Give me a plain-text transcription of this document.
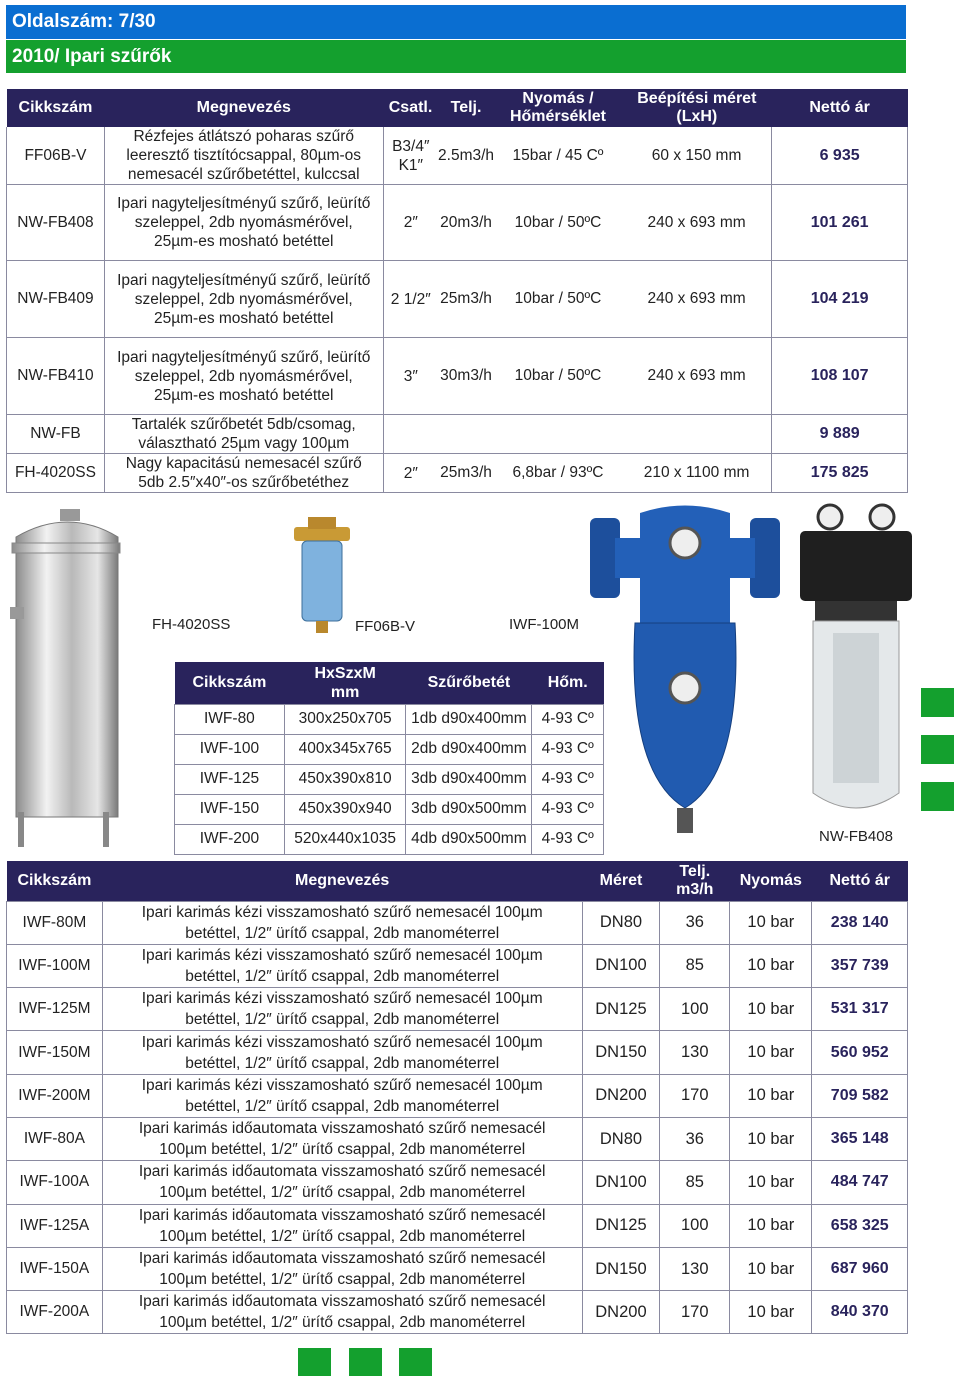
Oldalszám: 7/30
2010/ Ipari szűrők
Cikkszám	Megnevezés	Csatl.	Telj.	Nyomás / Hőmérséklet	Beépítési méret (LxH)	Nettó ár
FF06B-V	Rézfejes átlátszó poharas szűrő leeresztő tisztítócsappal, 80µm-os nemesacél szűrőbetéttel, kulccsal	B3/4″ K1″	2.5m3/h	15bar / 45 Cº	60 x 150 mm	6 935
NW-FB408	Ipari nagyteljesítményű szűrő, leürítő szeleppel, 2db nyomásmérővel, 25µm-es mosható betéttel	2″	20m3/h	10bar / 50ºC	240 x 693 mm	101 261
NW-FB409	Ipari nagyteljesítményű szűrő, leürítő szeleppel, 2db nyomásmérővel, 25µm-es mosható betéttel	2 1/2″	25m3/h	10bar / 50ºC	240 x 693 mm	104 219
NW-FB410	Ipari nagyteljesítményű szűrő, leürítő szeleppel, 2db nyomásmérővel, 25µm-es mosható betéttel	3″	30m3/h	10bar / 50ºC	240 x 693 mm	108 107
NW-FB	Tartalék szűrőbetét 5db/csomag, választható 25µm vagy 100µm					9 889
FH-4020SS	Nagy kapacitású nemesacél szűrő 5db 2.5″x40″-os szűrőbetéthez	2″	25m3/h	6,8bar / 93ºC	210 x 1100 mm	175 825
FH-4020SS	FF06B-V	IWF-100M
NW-FB408
Cikkszám	HxSzxM mm	Szűrőbetét	Hőm.
IWF-80	300x250x705	1db d90x400mm	4-93 Cº
IWF-100	400x345x765	2db d90x400mm	4-93 Cº
IWF-125	450x390x810	3db d90x400mm	4-93 Cº
IWF-150	450x390x940	3db d90x500mm	4-93 Cº
IWF-200	520x440x1035	4db d90x500mm	4-93 Cº
Cikkszám	Megnevezés	Méret	Telj. m3/h	Nyomás	Nettó ár
IWF-80M	Ipari karimás kézi visszamosható szűrő nemesacél 100µm betéttel, 1/2″ ürítő csappal, 2db manométerrel	DN80	36	10 bar	238 140
IWF-100M	Ipari karimás kézi visszamosható szűrő nemesacél 100µm betéttel, 1/2″ ürítő csappal, 2db manométerrel	DN100	85	10 bar	357 739
IWF-125M	Ipari karimás kézi visszamosható szűrő nemesacél 100µm betéttel, 1/2″ ürítő csappal, 2db manométerrel	DN125	100	10 bar	531 317
IWF-150M	Ipari karimás kézi visszamosható szűrő nemesacél 100µm betéttel, 1/2″ ürítő csappal, 2db manométerrel	DN150	130	10 bar	560 952
IWF-200M	Ipari karimás kézi visszamosható szűrő nemesacél 100µm betéttel, 1/2″ ürítő csappal, 2db manométerrel	DN200	170	10 bar	709 582
IWF-80A	Ipari karimás időautomata visszamosható szűrő nemesacél 100µm betéttel, 1/2″ ürítő csappal, 2db manométerrel	DN80	36	10 bar	365 148
IWF-100A	Ipari karimás időautomata visszamosható szűrő nemesacél 100µm betéttel, 1/2″ ürítő csappal, 2db manométerrel	DN100	85	10 bar	484 747
IWF-125A	Ipari karimás időautomata visszamosható szűrő nemesacél 100µm betéttel, 1/2″ ürítő csappal, 2db manométerrel	DN125	100	10 bar	658 325
IWF-150A	Ipari karimás időautomata visszamosható szűrő nemesacél 100µm betéttel, 1/2″ ürítő csappal, 2db manométerrel	DN150	130	10 bar	687 960
IWF-200A	Ipari karimás időautomata visszamosható szűrő nemesacél 100µm betéttel, 1/2″ ürítő csappal, 2db manométerrel	DN200	170	10 bar	840 370
